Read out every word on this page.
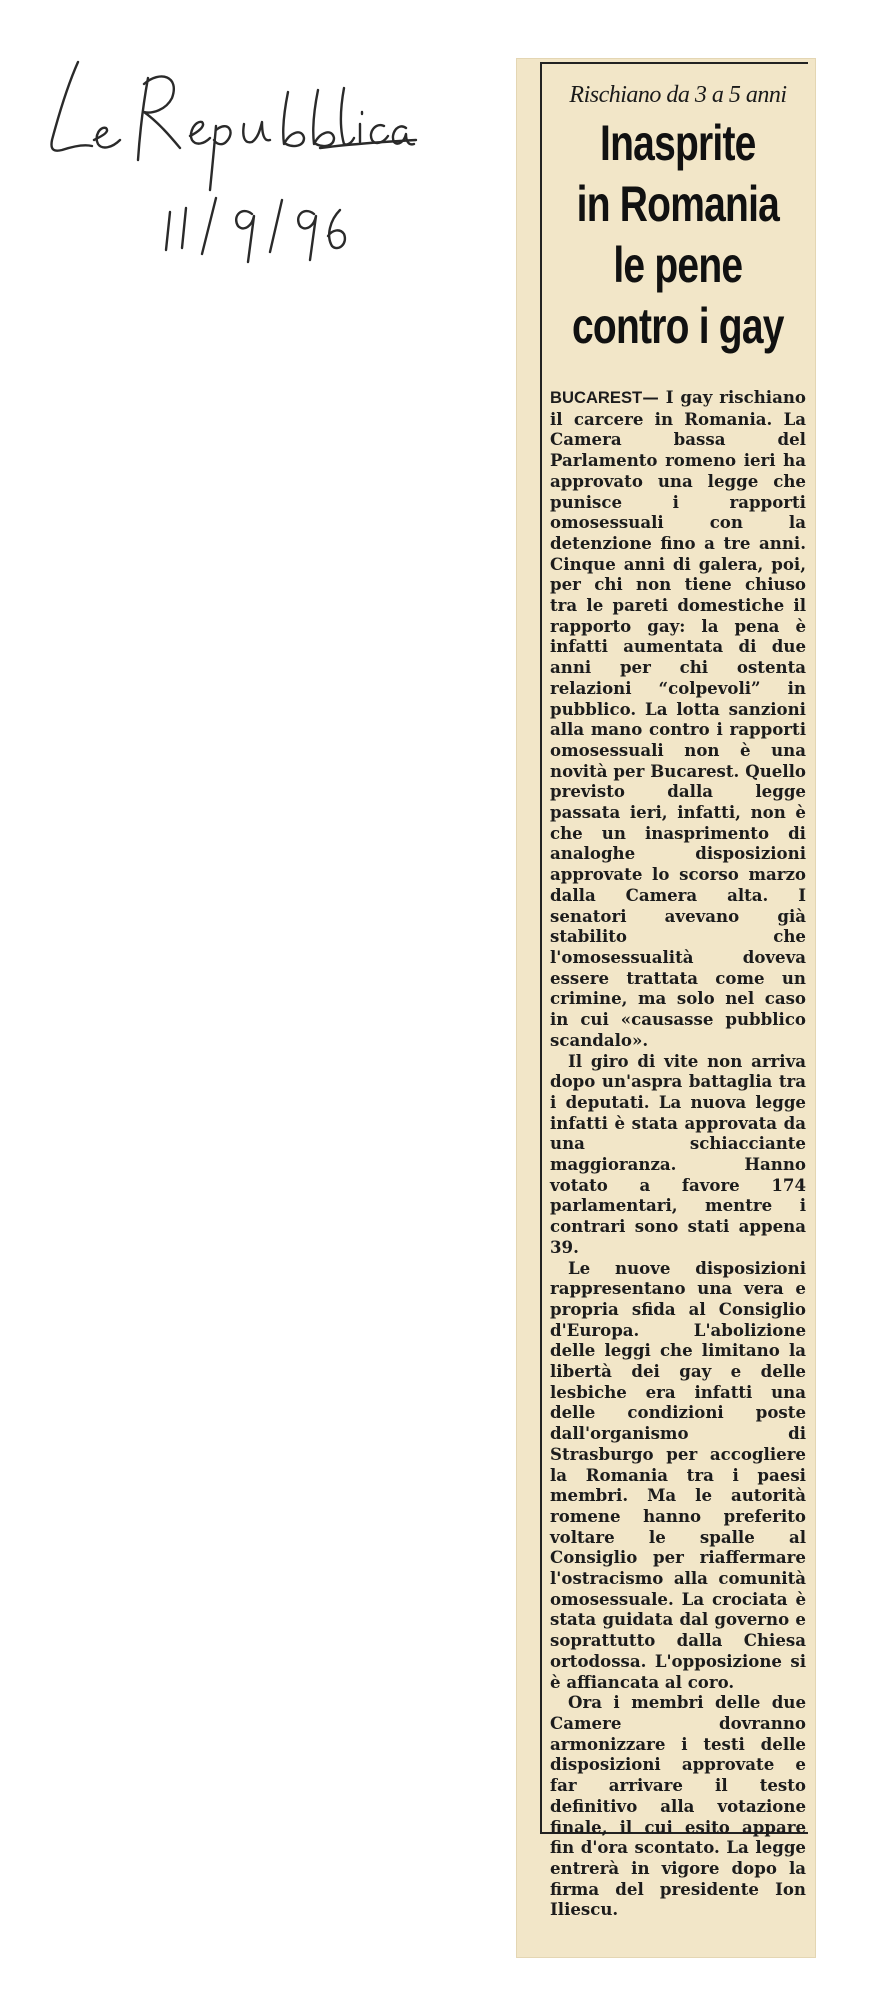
Rischiano da 3 a 5 anni
Inasprite
in Romania
le pene
contro i gay

BUCAREST— I gay rischiano il carcere in Romania. La Camera bassa del Parlamento romeno ieri ha approvato una legge che punisce i rapporti omosessuali con la detenzione fino a tre anni. Cinque anni di galera, poi, per chi non tiene chiuso tra le pareti domestiche il rapporto gay: la pena è infatti aumentata di due anni per chi ostenta relazioni “colpevoli” in pubblico. La lotta sanzioni alla mano contro i rapporti omosessuali non è una novità per Bucarest. Quello previsto dalla legge passata ieri, infatti, non è che un inasprimento di analoghe disposizioni approvate lo scorso marzo dalla Camera alta. I senatori avevano già stabilito che l'omosessualità doveva essere trattata come un crimine, ma solo nel caso in cui «causasse pubblico scandalo».

Il giro di vite non arriva dopo un'aspra battaglia tra i deputati. La nuova legge infatti è stata approvata da una schiacciante maggioranza. Hanno votato a favore 174 parlamentari, mentre i contrari sono stati appena 39.

Le nuove disposizioni rappresentano una vera e propria sfida al Consiglio d'Europa. L'abolizione delle leggi che limitano la libertà dei gay e delle lesbiche era infatti una delle condizioni poste dall'organismo di Strasburgo per accogliere la Romania tra i paesi membri. Ma le autorità romene hanno preferito voltare le spalle al Consiglio per riaffermare l'ostracismo alla comunità omosessuale. La crociata è stata guidata dal governo e soprattutto dalla Chiesa ortodossa. L'opposizione si è affiancata al coro.

Ora i membri delle due Camere dovranno armonizzare i testi delle disposizioni approvate e far arrivare il testo definitivo alla votazione finale, il cui esito appare fin d'ora scontato. La legge entrerà in vigore dopo la firma del presidente Ion Iliescu.
